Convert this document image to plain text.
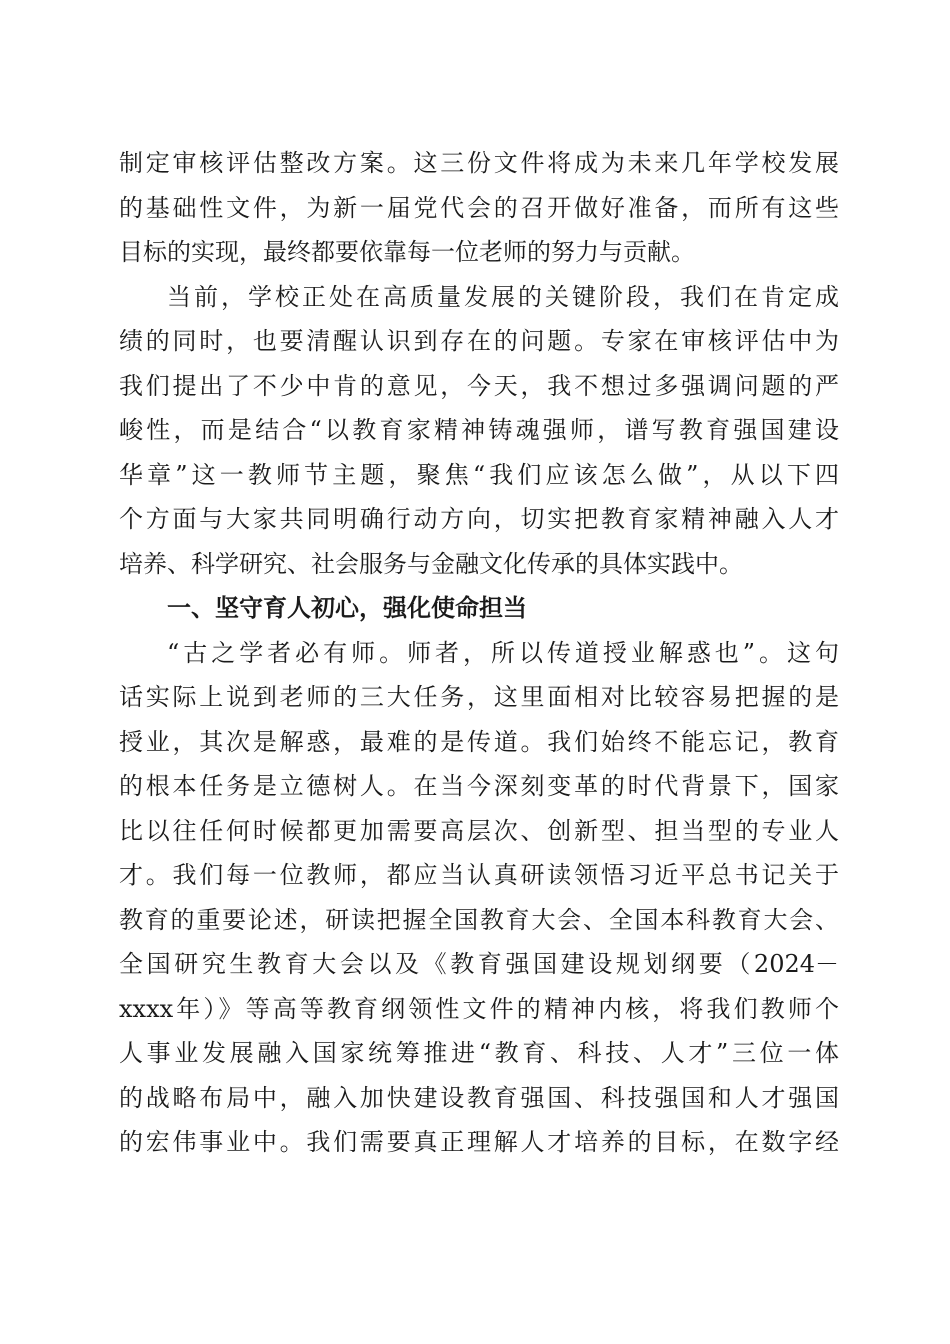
制定审核评估整改方案。这三份文件将成为未来几年学校发展
的基础性文件，为新一届党代会的召开做好准备，而所有这些
目标的实现，最终都要依靠每一位老师的努力与贡献。
当前，学校正处在高质量发展的关键阶段，我们在肯定成
绩的同时，也要清醒认识到存在的问题。专家在审核评估中为
我们提出了不少中肯的意见，今天，我不想过多强调问题的严
峻性，而是结合“以教育家精神铸魂强师，谱写教育强国建设
华章”这一教师节主题，聚焦“我们应该怎么做”，从以下四
个方面与大家共同明确行动方向，切实把教育家精神融入人才
培养、科学研究、社会服务与金融文化传承的具体实践中。
一、坚守育人初心，强化使命担当
“古之学者必有师。师者，所以传道授业解惑也”。这句
话实际上说到老师的三大任务，这里面相对比较容易把握的是
授业，其次是解惑，最难的是传道。我们始终不能忘记，教育
的根本任务是立德树人。在当今深刻变革的时代背景下，国家
比以往任何时候都更加需要高层次、创新型、担当型的专业人
才。我们每一位教师，都应当认真研读领悟习近平总书记关于
教育的重要论述，研读把握全国教育大会、全国本科教育大会、
全国研究生教育大会以及《教育强国建设规划纲要（2024－
xxxx年）》等高等教育纲领性文件的精神内核，将我们教师个
人事业发展融入国家统筹推进“教育、科技、人才”三位一体
的战略布局中，融入加快建设教育强国、科技强国和人才强国
的宏伟事业中。我们需要真正理解人才培养的目标，在数字经
